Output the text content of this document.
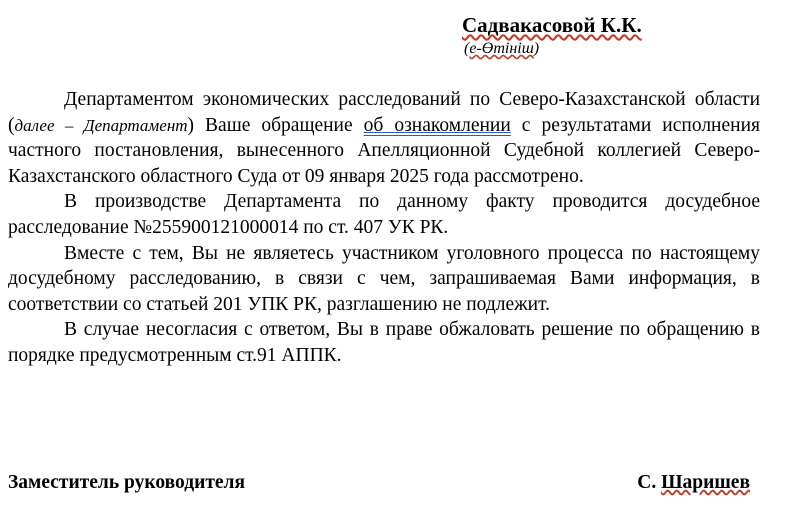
Садвакасовой К.К.
(е-Өтініш)

Департаментом экономических расследований по Северо-Казахстанской области (далее – Департамент) Ваше обращение об ознакомлении с результатами исполнения частного постановления, вынесенного Апелляционной Судебной коллегией Северо-Казахстанского областного Суда от 09 января 2025 года рассмотрено.

В производстве Департамента по данному факту проводится досудебное расследование №255900121000014 по ст. 407 УК РК.

Вместе с тем, Вы не являетесь участником уголовного процесса по настоящему досудебному расследованию, в связи с чем, запрашиваемая Вами информация, в соответствии со статьей 201 УПК РК, разглашению не подлежит.

В случае несогласия с ответом, Вы в праве обжаловать решение по обращению в порядке предусмотренным ст.91 АППК.

Заместитель руководителя	С. Шаришев
